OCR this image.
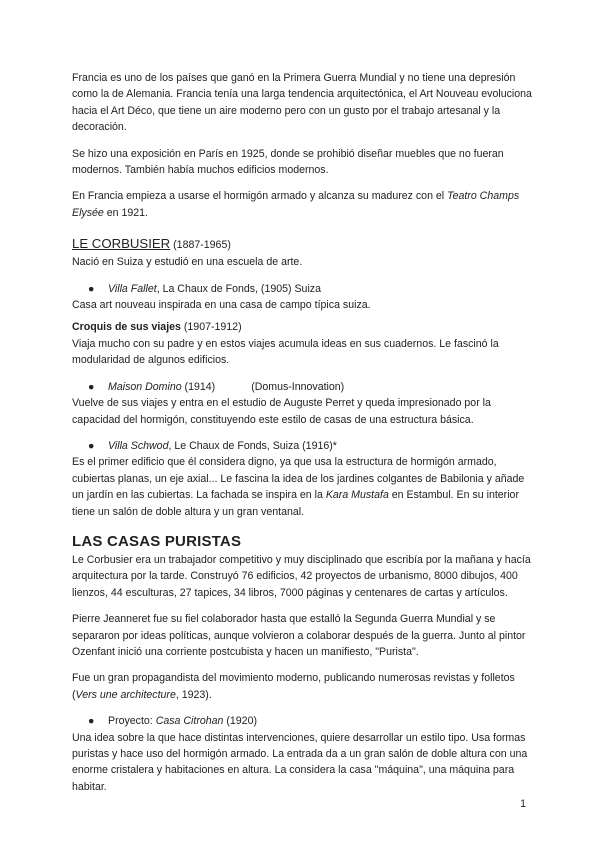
Francia es uno de los países que ganó en la Primera Guerra Mundial y no tiene una depresión como la de Alemania. Francia tenía una larga tendencia arquitectónica, el Art Nouveau evoluciona hacia el Art Déco, que tiene un aire moderno pero con un gusto por el trabajo artesanal y la decoración.

Se hizo una exposición en París en 1925, donde se prohibió diseñar muebles que no fueran modernos. También había muchos edificios modernos.

En Francia empieza a usarse el hormigón armado y alcanza su madurez con el Teatro Champs Elysée en 1921.

LE CORBUSIER (1887-1965)

Nació en Suiza y estudió en una escuela de arte.

● Villa Fallet, La Chaux de Fonds, (1905) Suiza

Casa art nouveau inspirada en una casa de campo típica suiza.

Croquis de sus viajes (1907-1912)

Viaja mucho con su padre y en estos viajes acumula ideas en sus cuadernos. Le fascinó la modularidad de algunos edificios.

● Maison Domino (1914)	(Domus-Innovation)

Vuelve de sus viajes y entra en el estudio de Auguste Perret y queda impresionado por la capacidad del hormigón, constituyendo este estilo de casas de una estructura básica.

● Villa Schwod, Le Chaux de Fonds, Suiza (1916)*

Es el primer edificio que él considera digno, ya que usa la estructura de hormigón armado, cubiertas planas, un eje axial... Le fascina la idea de los jardines colgantes de Babilonia y añade un jardín en las cubiertas. La fachada se inspira en la Kara Mustafa en Estambul. En su interior tiene un salón de doble altura y un gran ventanal.

LAS CASAS PURISTAS

Le Corbusier era un trabajador competitivo y muy disciplinado que escribía por la mañana y hacía arquitectura por la tarde. Construyó 76 edificios, 42 proyectos de urbanismo, 8000 dibujos, 400 lienzos, 44 esculturas, 27 tapices, 34 libros, 7000 páginas y centenares de cartas y artículos.

Pierre Jeanneret fue su fiel colaborador hasta que estalló la Segunda Guerra Mundial y se separaron por ideas políticas, aunque volvieron a colaborar después de la guerra. Junto al pintor Ozenfant inició una corriente postcubista y hacen un manifiesto, "Purista".

Fue un gran propagandista del movimiento moderno, publicando numerosas revistas y folletos (Vers une architecture, 1923).

● Proyecto: Casa Citrohan (1920)

Una idea sobre la que hace distintas intervenciones, quiere desarrollar un estilo tipo. Usa formas puristas y hace uso del hormigón armado. La entrada da a un gran salón de doble altura con una enorme cristalera y habitaciones en altura. La considera la casa "máquina", una máquina para habitar.

1
